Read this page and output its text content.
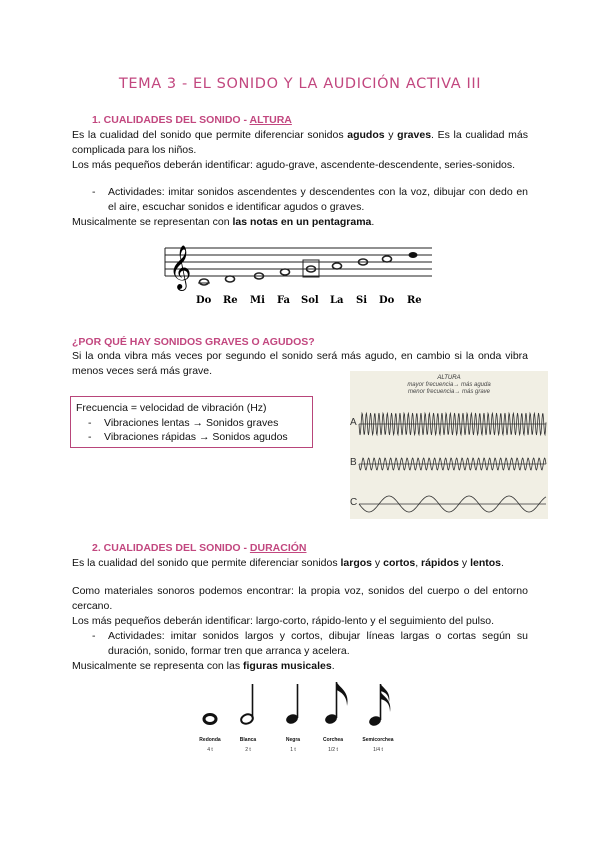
TEMA 3 - EL SONIDO Y LA AUDICIÓN ACTIVA III
1. CUALIDADES DEL SONIDO - ALTURA

Es la cualidad del sonido que permite diferenciar sonidos agudos y graves. Es la cualidad más complicada para los niños.

Los más pequeños deberán identificar: agudo-grave, ascendente-descendente, series-sonidos.

- Actividades: imitar sonidos ascendentes y descendentes con la voz, dibujar con dedo en el aire, escuchar sonidos e identificar agudos o graves.

Musicalmente se representan con las notas en un pentagrama.

𝄞
Do Re Mi Fa Sol La Si Do Re
¿POR QUÉ HAY SONIDOS GRAVES O AGUDOS?

Si la onda vibra más veces por segundo el sonido será más agudo, en cambio si la onda vibra menos veces será más grave.

Frecuencia = velocidad de vibración (Hz)
- Vibraciones lentas → Sonidos graves
- Vibraciones rápidas → Sonidos agudos
ALTURA
mayor frecuencia→ más aguda
menor frecuencia→ más grave
A
B
C
2. CUALIDADES DEL SONIDO - DURACIÓN

Es la cualidad del sonido que permite diferenciar sonidos largos y cortos, rápidos y lentos.

Como materiales sonoros podemos encontrar: la propia voz, sonidos del cuerpo o del entorno cercano.

Los más pequeños deberán identificar: largo-corto, rápido-lento y el seguimiento del pulso.

- Actividades: imitar sonidos largos y cortos, dibujar líneas largas o cortas según su duración, sonido, formar tren que arranca y acelera.

Musicalmente se representa con las figuras musicales.

Redonda	Blanca	Negra	Corchea	Semicorchea
4 t	2 t	1 t	1/2 t	1/4 t
